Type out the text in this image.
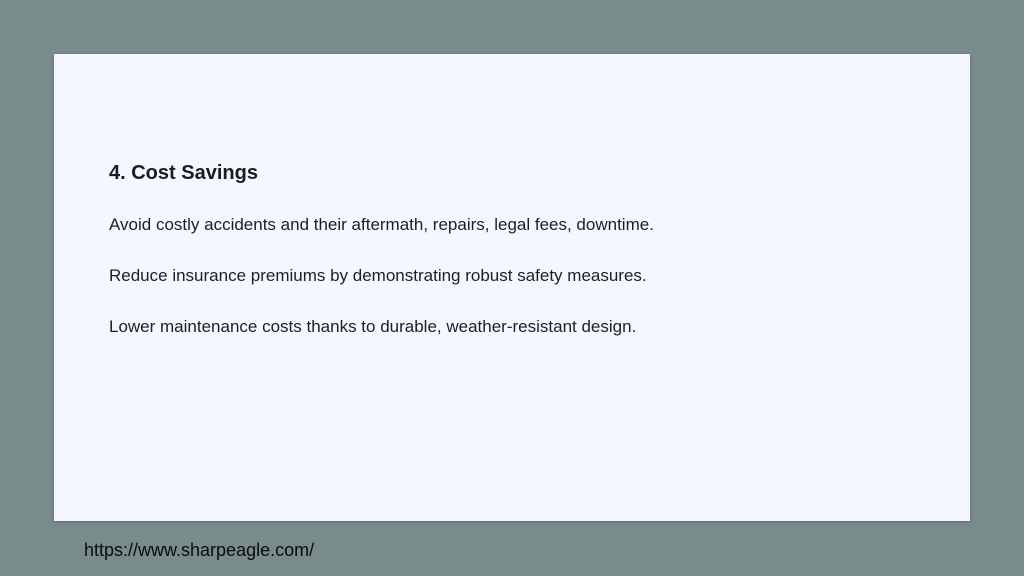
4. Cost Savings

Avoid costly accidents and their aftermath, repairs, legal fees, downtime.

Reduce insurance premiums by demonstrating robust safety measures.

Lower maintenance costs thanks to durable, weather-resistant design.

https://www.sharpeagle.com/
